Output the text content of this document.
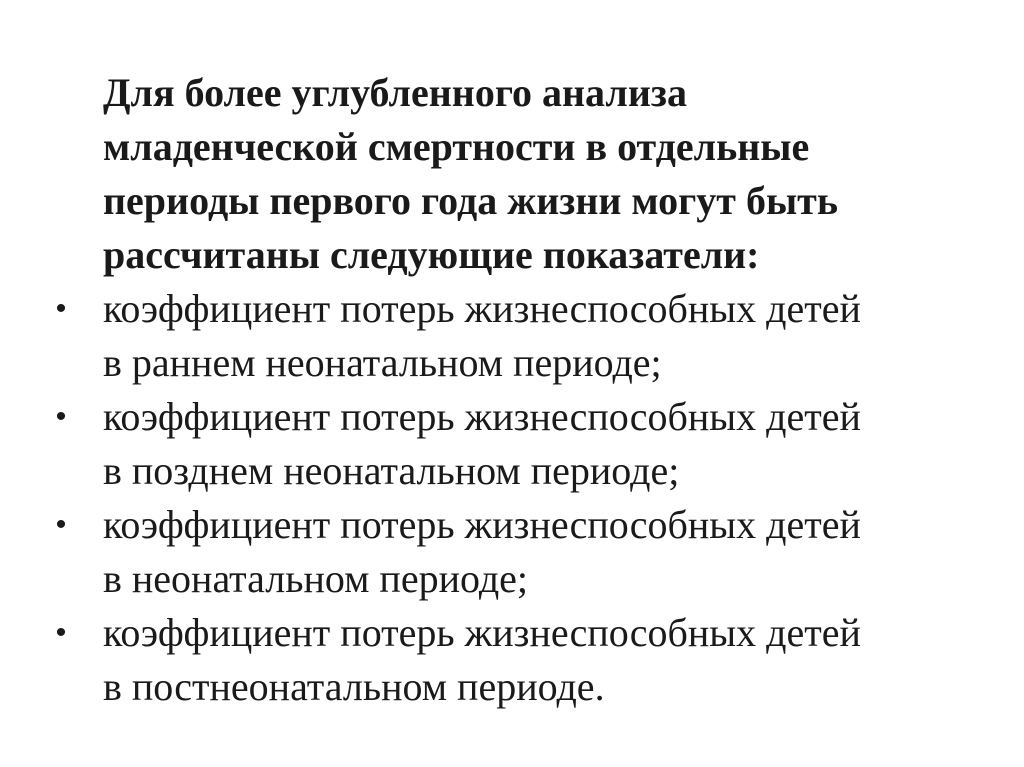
Для более углубленного анализа
младенческой смертности в отдельные
периоды первого года жизни могут быть
рассчитаны следующие показатели:

• коэффициент потерь жизнеспособных детей
в раннем неонатальном периоде;
• коэффициент потерь жизнеспособных детей
в позднем неонатальном периоде;
• коэффициент потерь жизнеспособных детей
в неонатальном периоде;
• коэффициент потерь жизнеспособных детей
в постнеонатальном периоде.
